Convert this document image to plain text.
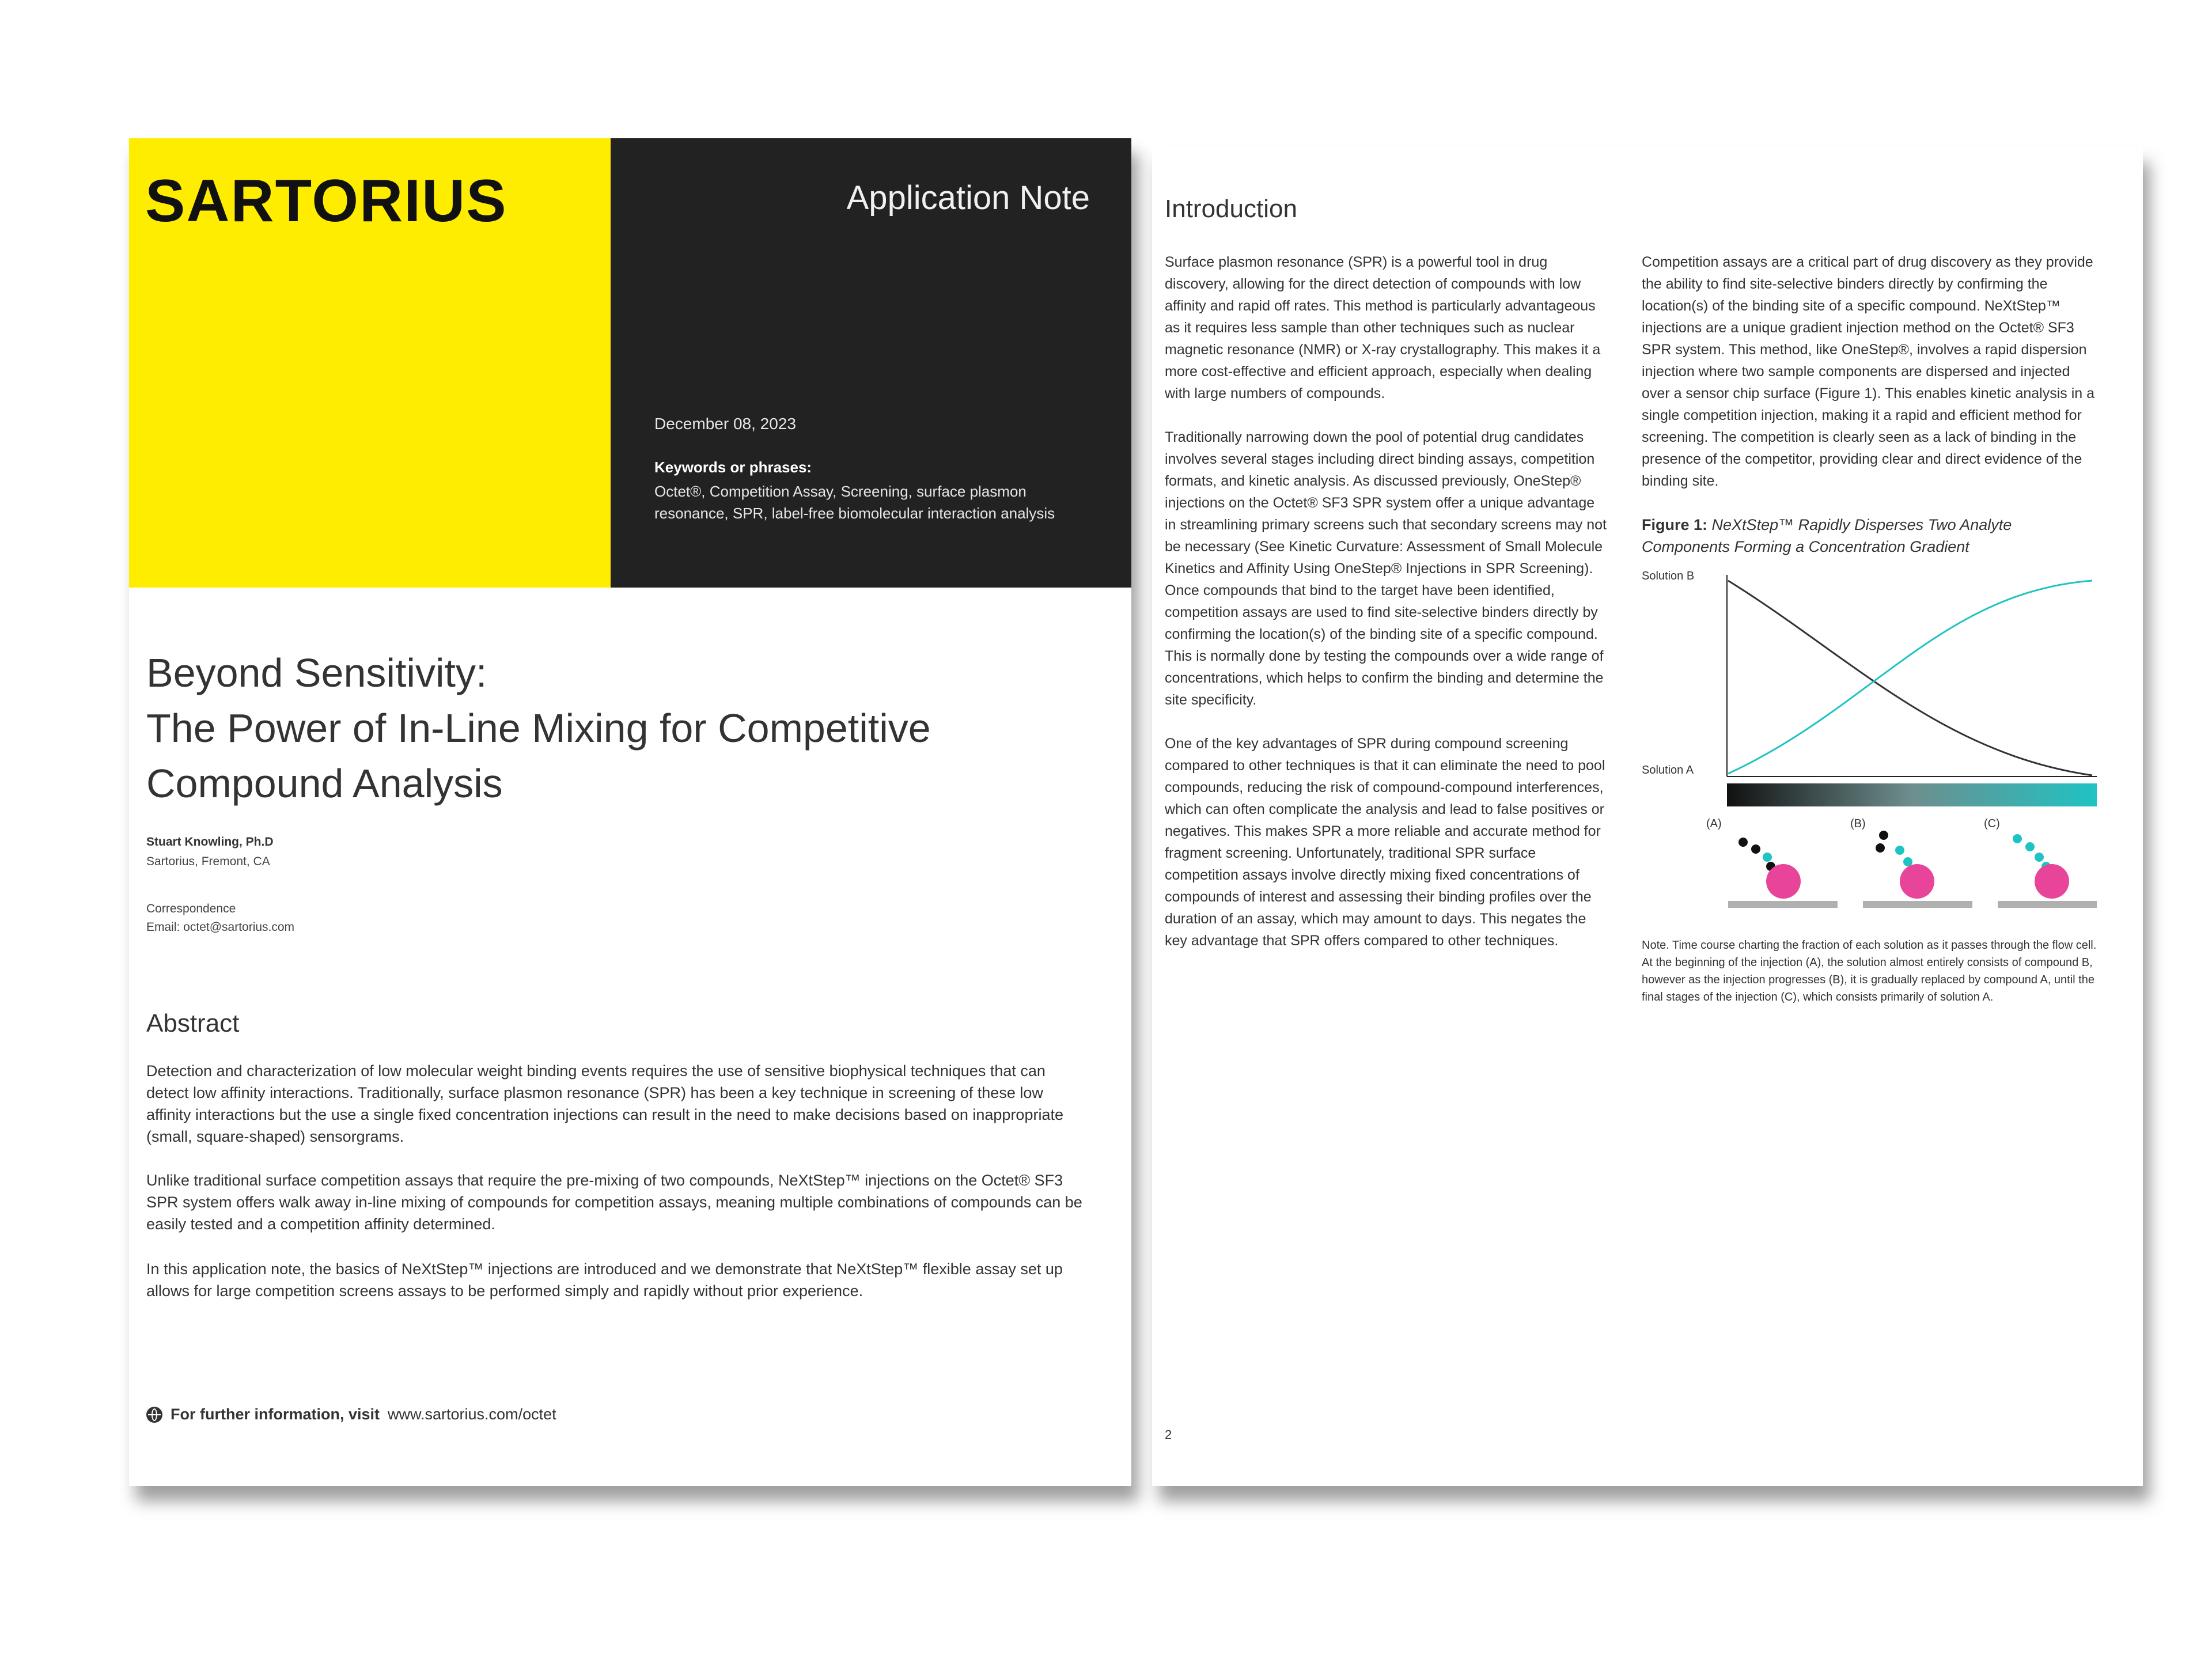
SARTORIUS	Application Note
December 08, 2023
Keywords or phrases:
Octet®, Competition Assay, Screening, surface plasmon resonance, SPR, label-free biomolecular interaction analysis
Beyond Sensitivity:
The Power of In-Line Mixing for Competitive
Compound Analysis
Stuart Knowling, Ph.D
Sartorius, Fremont, CA
Correspondence
Email: octet@sartorius.com
Abstract
Detection and characterization of low molecular weight binding events requires the use of sensitive biophysical techniques that can detect low affinity interactions. Traditionally, surface plasmon resonance (SPR) has been a key technique in screening of these low affinity interactions but the use a single fixed concentration injections can result in the need to make decisions based on inappropriate (small, square-shaped) sensorgrams.
Unlike traditional surface competition assays that require the pre-mixing of two compounds, NeXtStep™ injections on the Octet® SF3 SPR system offers walk away in-line mixing of compounds for competition assays, meaning multiple combinations of compounds can be easily tested and a competition affinity determined.
In this application note, the basics of NeXtStep™ injections are introduced and we demonstrate that NeXtStep™ flexible assay set up allows for large competition screens assays to be performed simply and rapidly without prior experience.
For further information, visit www.sartorius.com/octet
Introduction

Surface plasmon resonance (SPR) is a powerful tool in drug discovery, allowing for the direct detection of compounds with low affinity and rapid off rates. This method is particularly advantageous as it requires less sample than other techniques such as nuclear magnetic resonance (NMR) or X-ray crystallography. This makes it a more cost-effective and efficient approach, especially when dealing with large numbers of compounds.

Traditionally narrowing down the pool of potential drug candidates involves several stages including direct binding assays, competition formats, and kinetic analysis. As discussed previously, OneStep® injections on the Octet® SF3 SPR system offer a unique advantage in streamlining primary screens such that secondary screens may not be necessary (See Kinetic Curvature: Assessment of Small Molecule Kinetics and Affinity Using OneStep® Injections in SPR Screening). Once compounds that bind to the target have been identified, competition assays are used to find site-selective binders directly by confirming the location(s) of the binding site of a specific compound. This is normally done by testing the compounds over a wide range of concentrations, which helps to confirm the binding and determine the site specificity.

One of the key advantages of SPR during compound screening compared to other techniques is that it can eliminate the need to pool compounds, reducing the risk of compound-compound interferences, which can often complicate the analysis and lead to false positives or negatives. This makes SPR a more reliable and accurate method for fragment screening. Unfortunately, traditional SPR surface competition assays involve directly mixing fixed concentrations of compounds of interest and assessing their binding profiles over the duration of an assay, which may amount to days. This negates the key advantage that SPR offers compared to other techniques.

Competition assays are a critical part of drug discovery as they provide the ability to find site-selective binders directly by confirming the location(s) of the binding site of a specific compound. NeXtStep™ injections are a unique gradient injection method on the Octet® SF3 SPR system. This method, like OneStep®, involves a rapid dispersion injection where two sample components are dispersed and injected over a sensor chip surface (Figure 1). This enables kinetic analysis in a single competition injection, making it a rapid and efficient method for screening. The competition is clearly seen as a lack of binding in the presence of the competitor, providing clear and direct evidence of the binding site.

Figure 1: NeXtStep™ Rapidly Disperses Two Analyte Components Forming a Concentration Gradient
Solution B
Solution A
(A)	(B)	(C)
Note. Time course charting the fraction of each solution as it passes through the flow cell. At the beginning of the injection (A), the solution almost entirely consists of compound B, however as the injection progresses (B), it is gradually replaced by compound A, until the final stages of the injection (C), which consists primarily of solution A.
2
